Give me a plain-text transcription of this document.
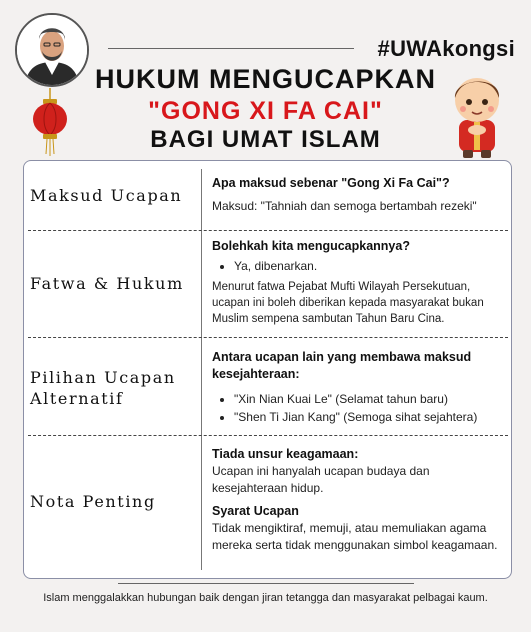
#UWAkongsi
HUKUM MENGUCAPKAN
"GONG XI FA CAI"
BAGI UMAT ISLAM
Maksud Ucapan

Apa maksud sebenar "Gong Xi Fa Cai"?

Maksud: "Tahniah dan semoga bertambah rezeki"

Fatwa & Hukum

Bolehkah kita mengucapkannya?

• Ya, dibenarkan.

Menurut fatwa Pejabat Mufti Wilayah Persekutuan, ucapan ini boleh diberikan kepada masyarakat bukan Muslim sempena sambutan Tahun Baru Cina.

Pilihan Ucapan
Alternatif

Antara ucapan lain yang membawa maksud kesejahteraan:

• "Xin Nian Kuai Le" (Selamat tahun baru)
• "Shen Ti Jian Kang" (Semoga sihat sejahtera)
Nota Penting

Tiada unsur keagamaan:

Ucapan ini hanyalah ucapan budaya dan kesejahteraan hidup.

Syarat Ucapan

Tidak mengiktiraf, memuji, atau memuliakan agama mereka serta tidak menggunakan simbol keagamaan.

Islam menggalakkan hubungan baik dengan jiran tetangga dan masyarakat pelbagai kaum.
